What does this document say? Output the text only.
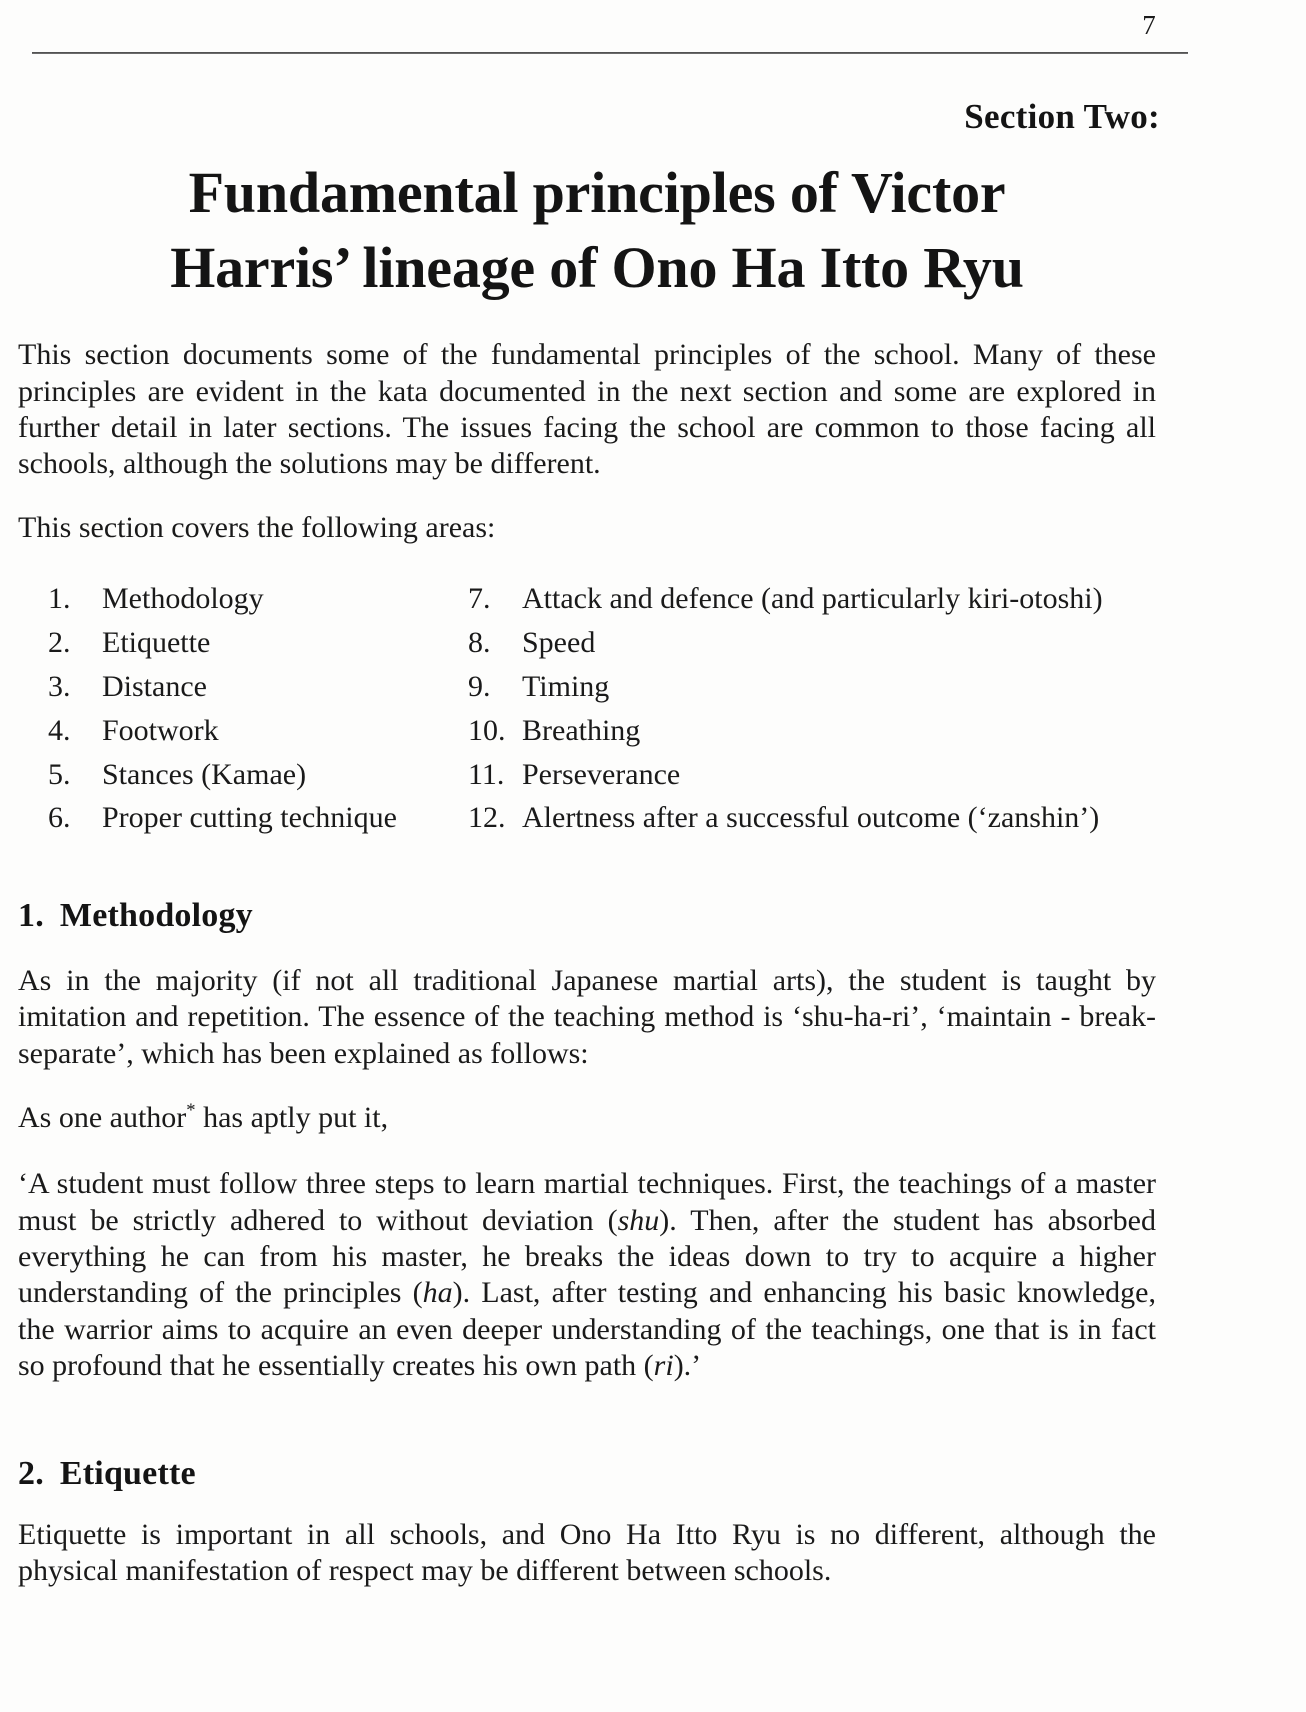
7
Section Two:
Fundamental principles of Victor
Harris’ lineage of Ono Ha Itto Ryu

This section documents some of the fundamental principles of the school. Many of these principles are evident in the kata documented in the next section and some are explored in further detail in later sections. The issues facing the school are common to those facing all schools, although the solutions may be different.

This section covers the following areas:

1.	Methodology
2.	Etiquette
3.	Distance
4.	Footwork
5.	Stances (Kamae)
6.	Proper cutting technique
7.	Attack and defence (and particularly kiri-otoshi)
8.	Speed
9.	Timing
10. Breathing
11. Perseverance
12. Alertness after a successful outcome (‘zanshin’)
1. Methodology

As in the majority (if not all traditional Japanese martial arts), the student is taught by imitation and repetition. The essence of the teaching method is ‘shu-ha-ri’, ‘maintain - break- separate’, which has been explained as follows:

As one author* has aptly put it,

‘A student must follow three steps to learn martial techniques. First, the teachings of a master must be strictly adhered to without deviation (shu). Then, after the student has absorbed everything he can from his master, he breaks the ideas down to try to acquire a higher understanding of the principles (ha). Last, after testing and enhancing his basic knowledge, the warrior aims to acquire an even deeper understanding of the teachings, one that is in fact so profound that he essentially creates his own path (ri).’

2. Etiquette

Etiquette is important in all schools, and Ono Ha Itto Ryu is no different, although the physical manifestation of respect may be different between schools.
